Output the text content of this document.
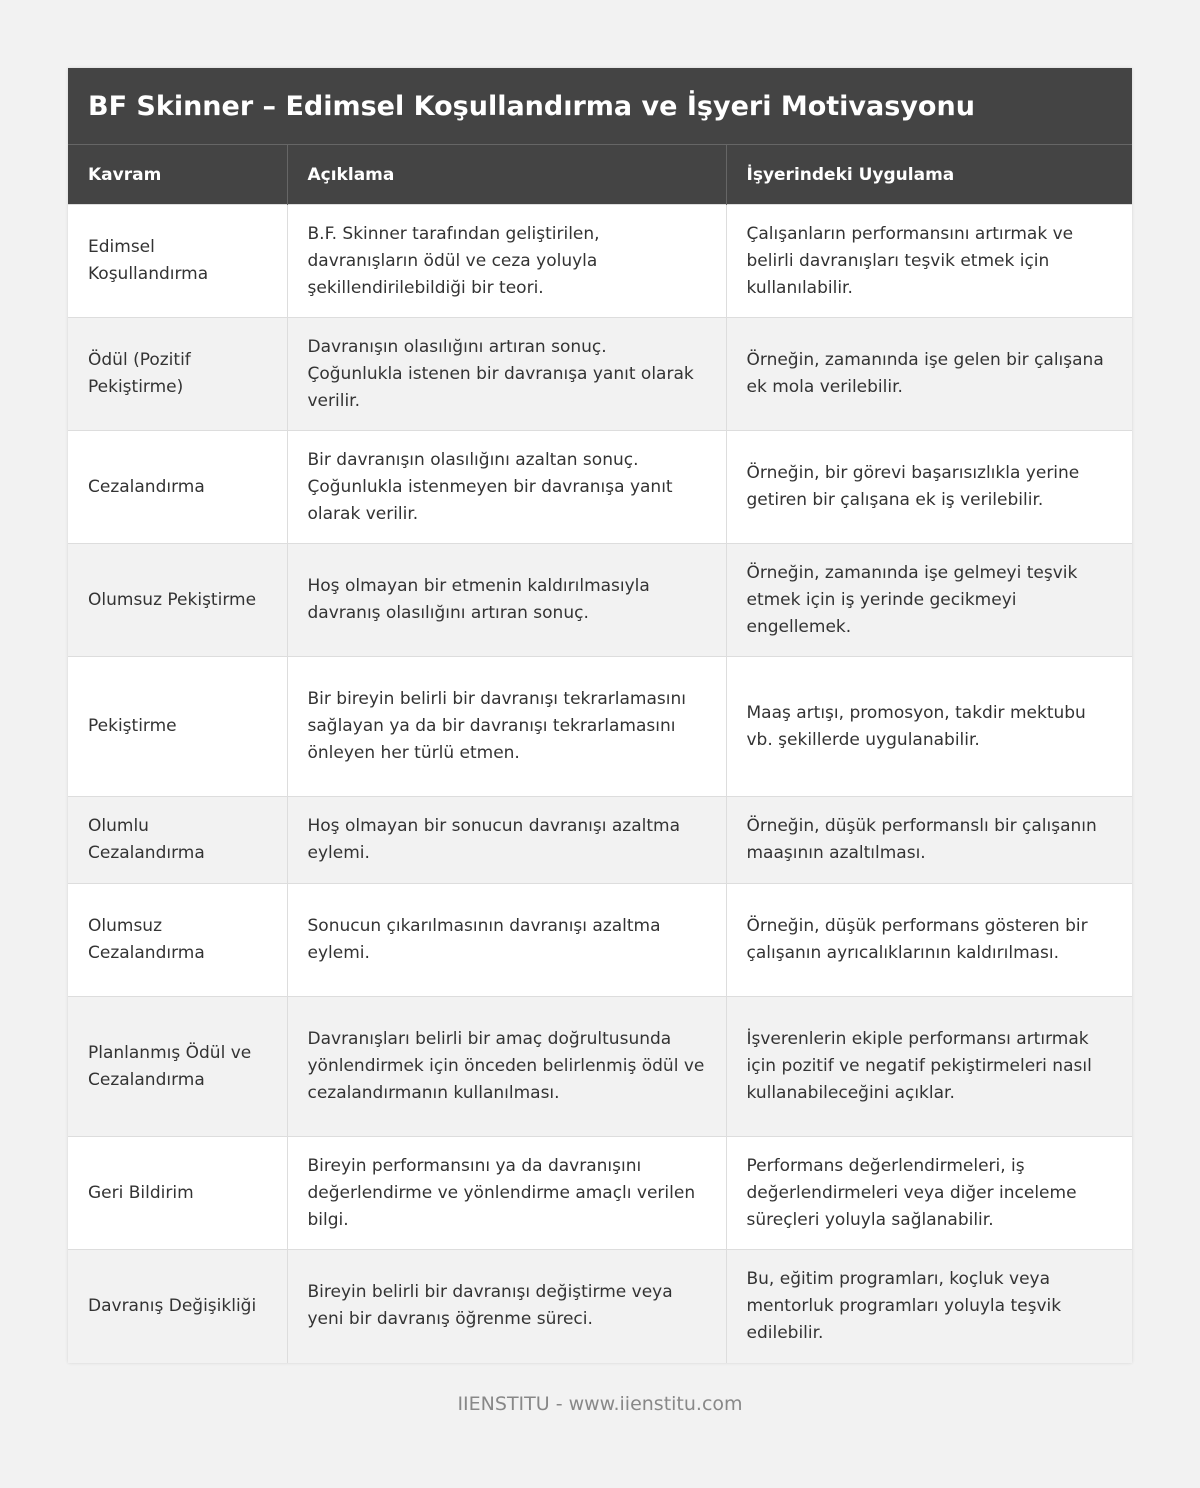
BF Skinner – Edimsel Koşullandırma ve İşyeri Motivasyonu
Kavram	Açıklama	İşyerindeki Uygulama
Edimsel Koşullandırma	B.F. Skinner tarafından geliştirilen, davranışların ödül ve ceza yoluyla şekillendirilebildiği bir teori.	Çalışanların performansını artırmak ve belirli davranışları teşvik etmek için kullanılabilir.
Ödül (Pozitif Pekiştirme)	Davranışın olasılığını artıran sonuç. Çoğunlukla istenen bir davranışa yanıt olarak verilir.	Örneğin, zamanında işe gelen bir çalışana ek mola verilebilir.
Cezalandırma	Bir davranışın olasılığını azaltan sonuç. Çoğunlukla istenmeyen bir davranışa yanıt olarak verilir.	Örneğin, bir görevi başarısızlıkla yerine getiren bir çalışana ek iş verilebilir.
Olumsuz Pekiştirme	Hoş olmayan bir etmenin kaldırılmasıyla davranış olasılığını artıran sonuç.	Örneğin, zamanında işe gelmeyi teşvik etmek için iş yerinde gecikmeyi engellemek.
Pekiştirme	Bir bireyin belirli bir davranışı tekrarlamasını sağlayan ya da bir davranışı tekrarlamasını önleyen her türlü etmen.	Maaş artışı, promosyon, takdir mektubu vb. şekillerde uygulanabilir.
Olumlu Cezalandırma	Hoş olmayan bir sonucun davranışı azaltma eylemi.	Örneğin, düşük performanslı bir çalışanın maaşının azaltılması.
Olumsuz Cezalandırma	Sonucun çıkarılmasının davranışı azaltma eylemi.	Örneğin, düşük performans gösteren bir çalışanın ayrıcalıklarının kaldırılması.
Planlanmış Ödül ve Cezalandırma	Davranışları belirli bir amaç doğrultusunda yönlendirmek için önceden belirlenmiş ödül ve cezalandırmanın kullanılması.	İşverenlerin ekiple performansı artırmak için pozitif ve negatif pekiştirmeleri nasıl kullanabileceğini açıklar.
Geri Bildirim	Bireyin performansını ya da davranışını değerlendirme ve yönlendirme amaçlı verilen bilgi.	Performans değerlendirmeleri, iş değerlendirmeleri veya diğer inceleme süreçleri yoluyla sağlanabilir.
Davranış Değişikliği	Bireyin belirli bir davranışı değiştirme veya yeni bir davranış öğrenme süreci.	Bu, eğitim programları, koçluk veya mentorluk programları yoluyla teşvik edilebilir.
IIENSTITU - www.iienstitu.com
